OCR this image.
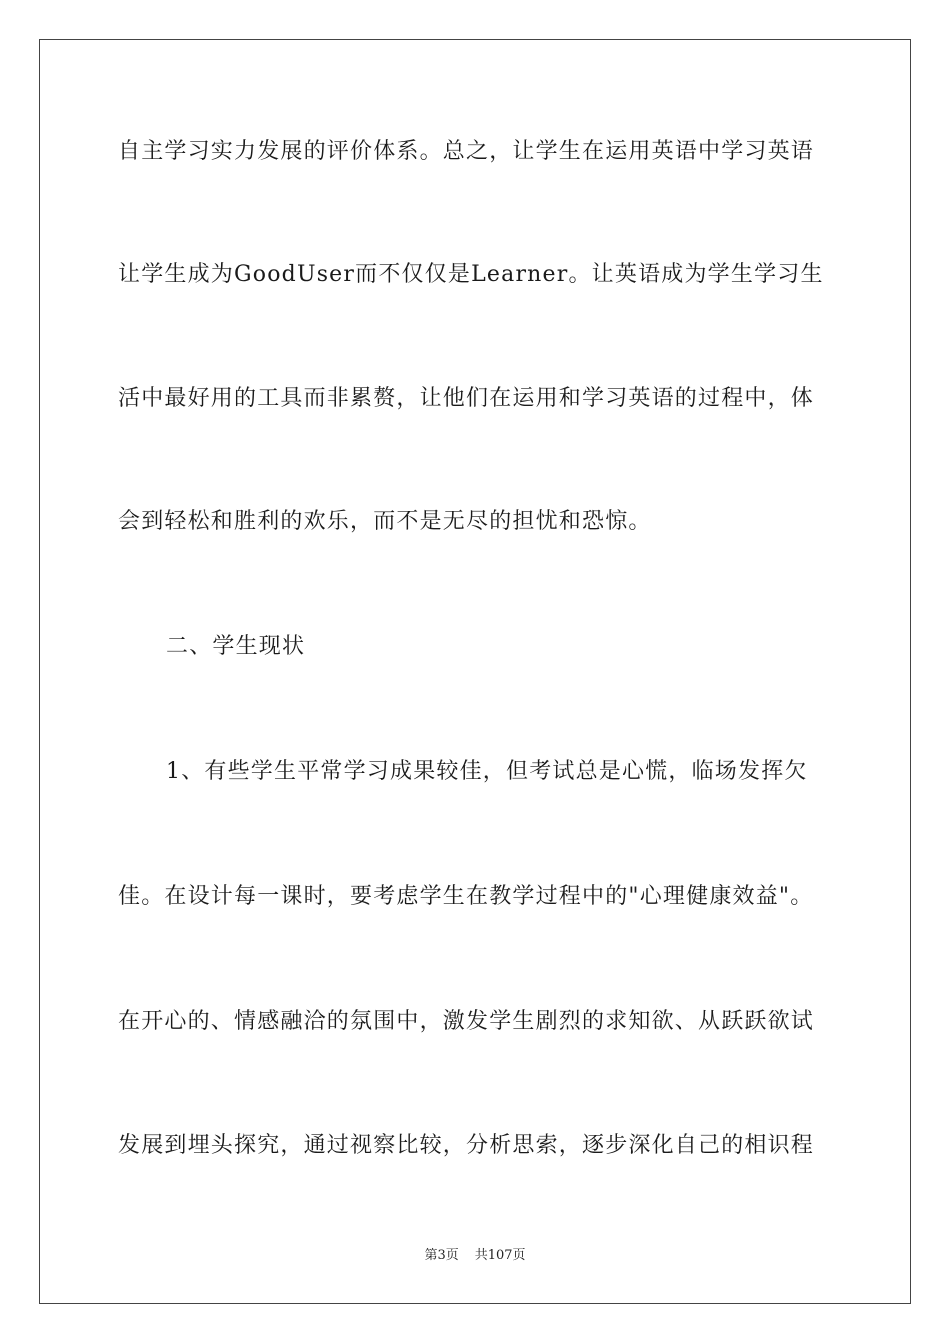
自主学习实力发展的评价体系。总之，让学生在运用英语中学习英语
让学生成为GoodUser而不仅仅是Learner。让英语成为学生学习生
活中最好用的工具而非累赘，让他们在运用和学习英语的过程中，体
会到轻松和胜利的欢乐，而不是无尽的担忧和恐惊。
二、学生现状
1、有些学生平常学习成果较佳，但考试总是心慌，临场发挥欠
佳。在设计每一课时，要考虑学生在教学过程中的"心理健康效益"。
在开心的、情感融洽的氛围中，激发学生剧烈的求知欲、从跃跃欲试
发展到埋头探究，通过视察比较，分析思索，逐步深化自己的相识程
第3页 共107页
